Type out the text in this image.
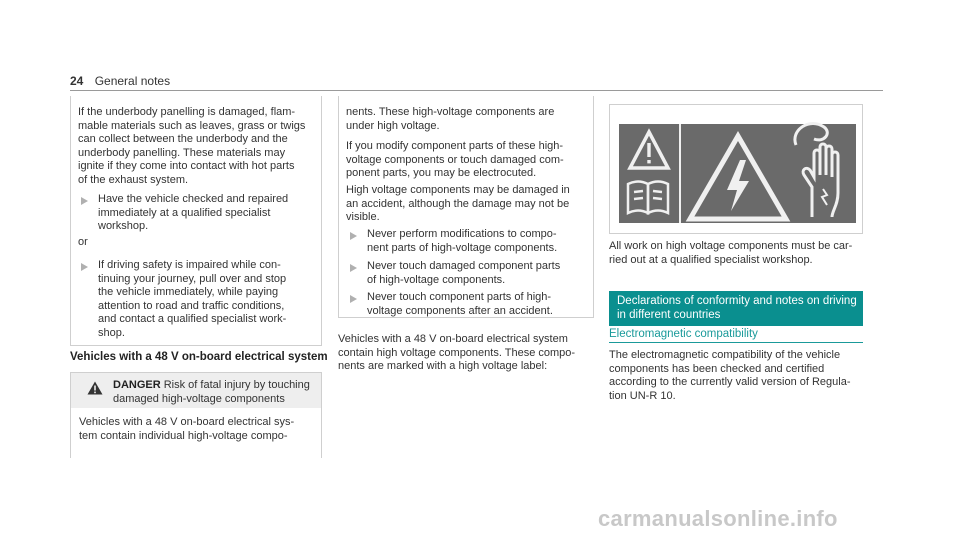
24 General notes
If the underbody panelling is damaged, flam-
mable materials such as leaves, grass or twigs
can collect between the underbody and the
underbody panelling. These materials may
ignite if they come into contact with hot parts
of the exhaust system.
Have the vehicle checked and repaired
immediately at a qualified specialist
workshop.
or
If driving safety is impaired while con-
tinuing your journey, pull over and stop
the vehicle immediately, while paying
attention to road and traffic conditions,
and contact a qualified specialist work-
shop.
Vehicles with a 48 V on-board electrical system
DANGER Risk of fatal injury by touching
damaged high-voltage components
Vehicles with a 48 V on-board electrical sys-
tem contain individual high-voltage compo-
nents. These high-voltage components are
under high voltage.
If you modify component parts of these high-
voltage components or touch damaged com-
ponent parts, you may be electrocuted.
High voltage components may be damaged in
an accident, although the damage may not be
visible.
Never perform modifications to compo-
nent parts of high-voltage components.
Never touch damaged component parts
of high-voltage components.
Never touch component parts of high-
voltage components after an accident.
Vehicles with a 48 V on-board electrical system
contain high voltage components. These compo-
nents are marked with a high voltage label:
All work on high voltage components must be car-
ried out at a qualified specialist workshop.
Declarations of conformity and notes on driving
in different countries
Electromagnetic compatibility
The electromagnetic compatibility of the vehicle
components has been checked and certified
according to the currently valid version of Regula-
tion UN-R 10.
carmanualsonline.info
